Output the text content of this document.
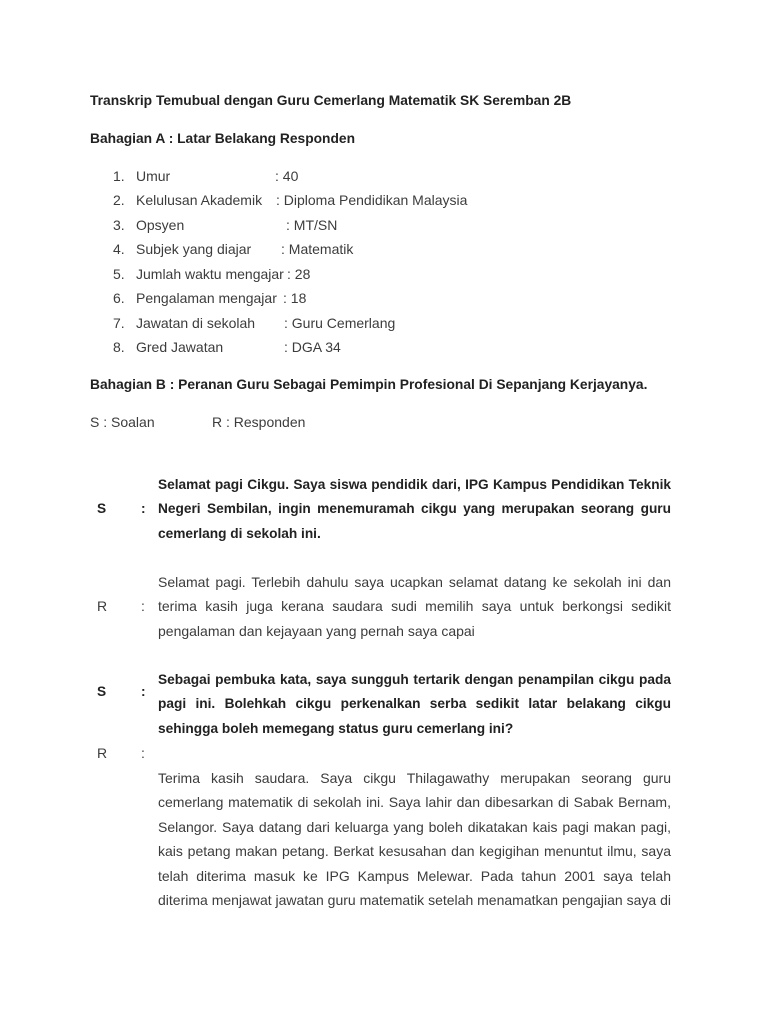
Transkrip Temubual dengan Guru Cemerlang Matematik SK Seremban 2B
Bahagian A : Latar Belakang Responden
1. Umur	: 40
2. Kelulusan Akademik : Diploma Pendidikan Malaysia
3. Opsyen	: MT/SN
4. Subjek yang diajar : Matematik
5. Jumlah waktu mengajar : 28
6. Pengalaman mengajar : 18
7. Jawatan di sekolah : Guru Cemerlang
8. Gred Jawatan	: DGA 34
Bahagian B : Peranan Guru Sebagai Pemimpin Profesional Di Sepanjang Kerjayanya.
S : Soalan	R : Responden
S	:
Selamat pagi Cikgu. Saya siswa pendidik dari, IPG Kampus Pendidikan Teknik
Negeri Sembilan, ingin menemuramah cikgu yang merupakan seorang guru
cemerlang di sekolah ini.
R :
Selamat pagi. Terlebih dahulu saya ucapkan selamat datang ke sekolah ini dan
terima kasih juga kerana saudara sudi memilih saya untuk berkongsi sedikit
pengalaman dan kejayaan yang pernah saya capai
S	:
Sebagai pembuka kata, saya sungguh tertarik dengan penampilan cikgu pada
pagi ini. Bolehkah cikgu perkenalkan serba sedikit latar belakang cikgu
sehingga boleh memegang status guru cemerlang ini?
R :
Terima kasih saudara. Saya cikgu Thilagawathy merupakan seorang guru
cemerlang matematik di sekolah ini. Saya lahir dan dibesarkan di Sabak Bernam,
Selangor. Saya datang dari keluarga yang boleh dikatakan kais pagi makan pagi,
kais petang makan petang. Berkat kesusahan dan kegigihan menuntut ilmu, saya
telah diterima masuk ke IPG Kampus Melewar. Pada tahun 2001 saya telah
diterima menjawat jawatan guru matematik setelah menamatkan pengajian saya di
